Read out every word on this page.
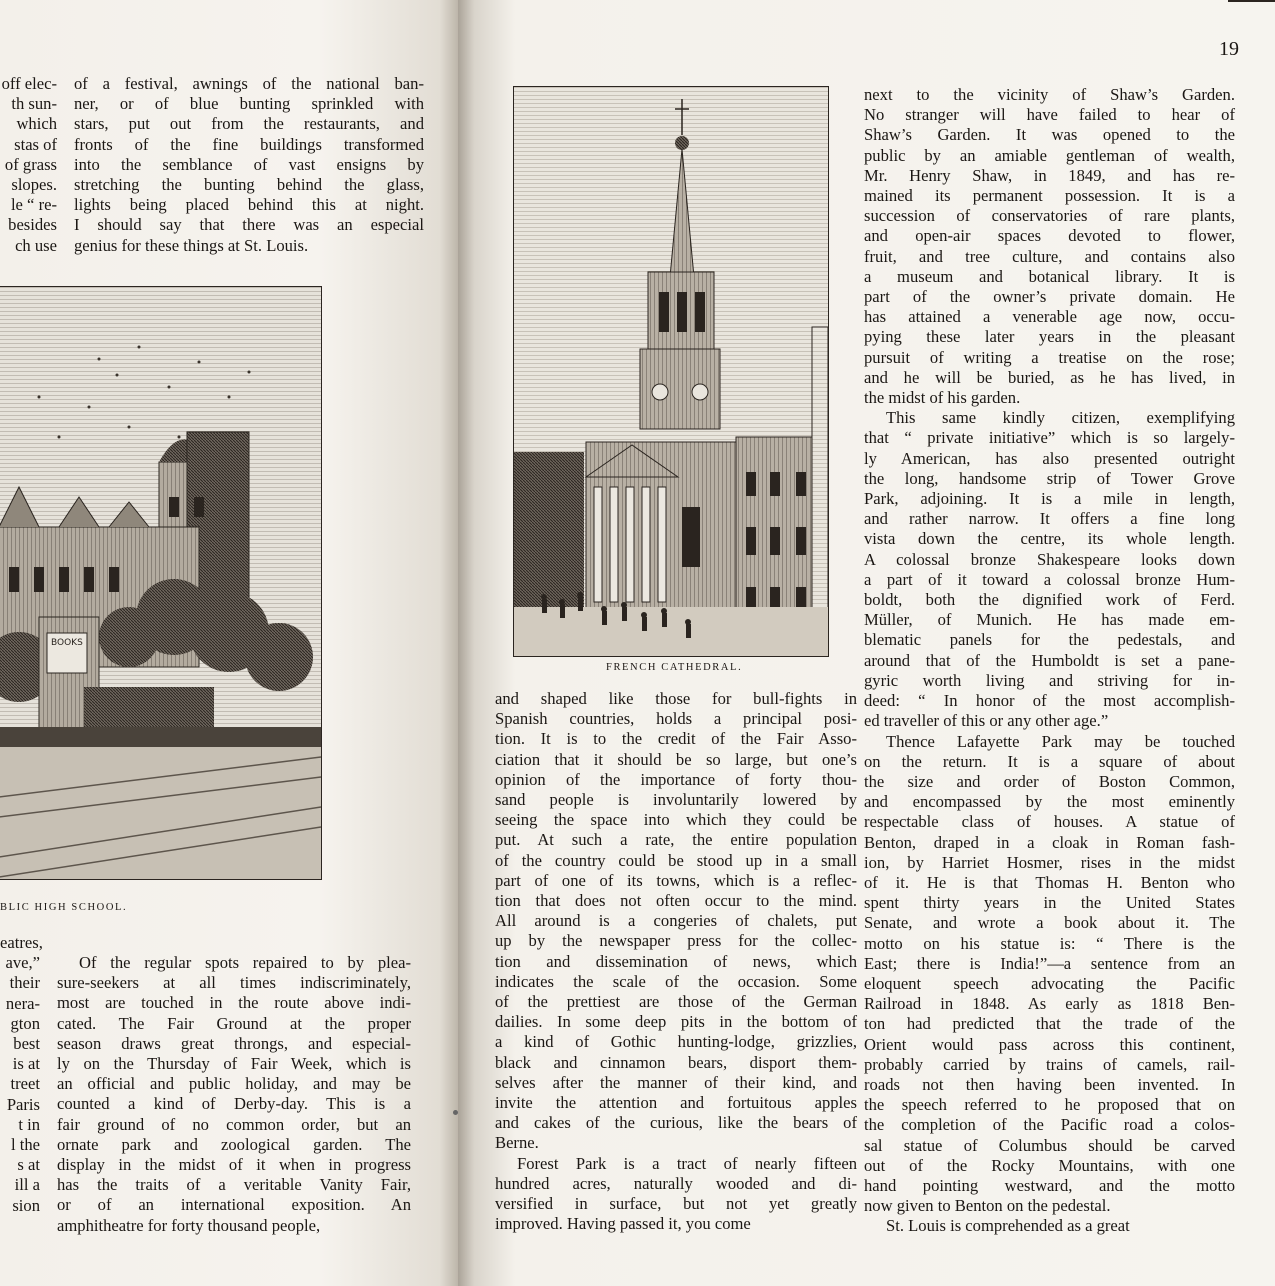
off elec-
th sun-
which
stas of
of grass
slopes.
le “ re-
besides
ch use
of a festival, awnings of the national ban-
ner, or of blue bunting sprinkled with
stars, put out from the restaurants, and
fronts of the fine buildings transformed
into the semblance of vast ensigns by
stretching the bunting behind the glass,
lights being placed behind this at night.
I should say that there was an especial
genius for these things at St. Louis.
BOOKS

BLIC HIGH SCHOOL.

eatres,
ave,”
their
nera-
gton
best
is at
treet
Paris
t in
l the
s at
ill a
sion
Of the regular spots repaired to by plea-
sure-seekers at all times indiscriminately,
most are touched in the route above indi-
cated. The Fair Ground at the proper
season draws great throngs, and especial-
ly on the Thursday of Fair Week, which is
an official and public holiday, and may be
counted a kind of Derby-day. This is a
fair ground of no common order, but an
ornate park and zoological garden. The
display in the midst of it when in progress
has the traits of a veritable Vanity Fair,
or of an international exposition. An
amphitheatre for forty thousand people,
19

FRENCH CATHEDRAL.

and shaped like those for bull-fights in
Spanish countries, holds a principal posi-
tion. It is to the credit of the Fair Asso-
ciation that it should be so large, but one’s
opinion of the importance of forty thou-
sand people is involuntarily lowered by
seeing the space into which they could be
put. At such a rate, the entire population
of the country could be stood up in a small
part of one of its towns, which is a reflec-
tion that does not often occur to the mind.
All around is a congeries of chalets, put
up by the newspaper press for the collec-
tion and dissemination of news, which
indicates the scale of the occasion. Some
of the prettiest are those of the German
dailies. In some deep pits in the bottom of
a kind of Gothic hunting-lodge, grizzlies,
black and cinnamon bears, disport them-
selves after the manner of their kind, and
invite the attention and fortuitous apples
and cakes of the curious, like the bears of
Berne.
Forest Park is a tract of nearly fifteen
hundred acres, naturally wooded and di-
versified in surface, but not yet greatly
improved. Having passed it, you come
next to the vicinity of Shaw’s Garden.
No stranger will have failed to hear of
Shaw’s Garden. It was opened to the
public by an amiable gentleman of wealth,
Mr. Henry Shaw, in 1849, and has re-
mained its permanent possession. It is a
succession of conservatories of rare plants,
and open-air spaces devoted to flower,
fruit, and tree culture, and contains also
a museum and botanical library. It is
part of the owner’s private domain. He
has attained a venerable age now, occu-
pying these later years in the pleasant
pursuit of writing a treatise on the rose;
and he will be buried, as he has lived, in
the midst of his garden.
This same kindly citizen, exemplifying
that “ private initiative” which is so largely-
ly American, has also presented outright
the long, handsome strip of Tower Grove
Park, adjoining. It is a mile in length,
and rather narrow. It offers a fine long
vista down the centre, its whole length.
A colossal bronze Shakespeare looks down
a part of it toward a colossal bronze Hum-
boldt, both the dignified work of Ferd.
Müller, of Munich. He has made em-
blematic panels for the pedestals, and
around that of the Humboldt is set a pane-
gyric worth living and striving for in-
deed: “ In honor of the most accomplish-
ed traveller of this or any other age.”
Thence Lafayette Park may be touched
on the return. It is a square of about
the size and order of Boston Common,
and encompassed by the most eminently
respectable class of houses. A statue of
Benton, draped in a cloak in Roman fash-
ion, by Harriet Hosmer, rises in the midst
of it. He is that Thomas H. Benton who
spent thirty years in the United States
Senate, and wrote a book about it. The
motto on his statue is: “ There is the
East; there is India!”—a sentence from an
eloquent speech advocating the Pacific
Railroad in 1848. As early as 1818 Ben-
ton had predicted that the trade of the
Orient would pass across this continent,
probably carried by trains of camels, rail-
roads not then having been invented. In
the speech referred to he proposed that on
the completion of the Pacific road a colos-
sal statue of Columbus should be carved
out of the Rocky Mountains, with one
hand pointing westward, and the motto
now given to Benton on the pedestal.
St. Louis is comprehended as a great
